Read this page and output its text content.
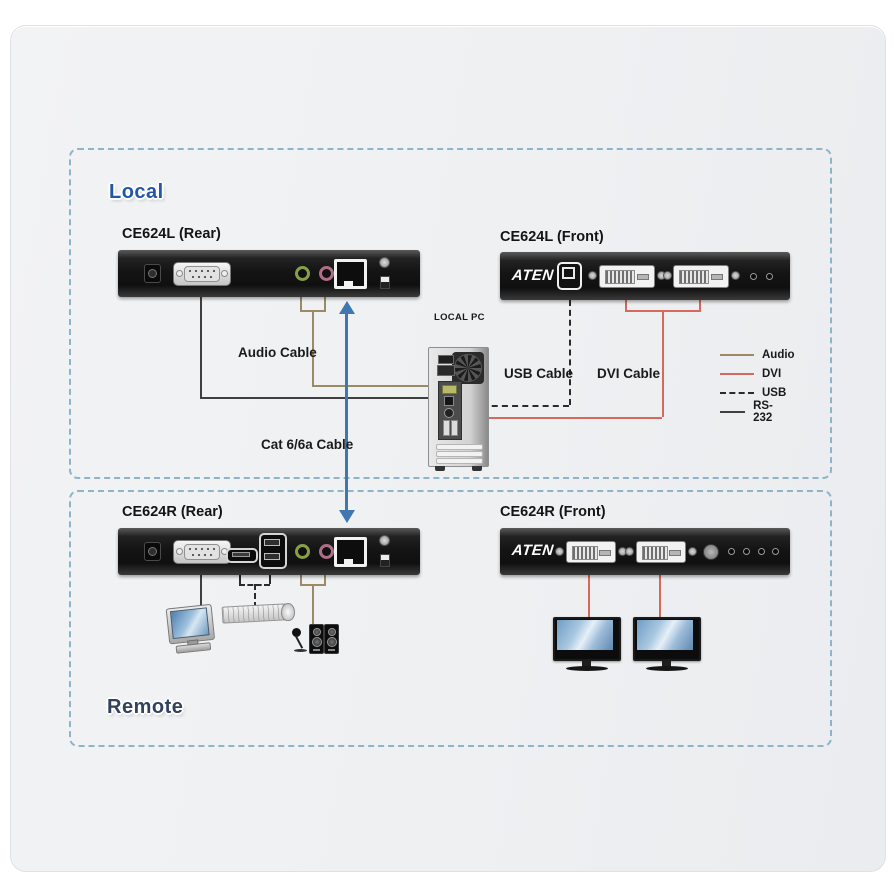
Local
Remote
CE624L (Rear)	CE624L (Front)
ATEN
LOCAL PC
Audio Cable
USB Cable DVI Cable
Cat 6/6a Cable
Audio
DVI
USB
RS-232
CE624R (Rear)	CE624R (Front)
ATEN
